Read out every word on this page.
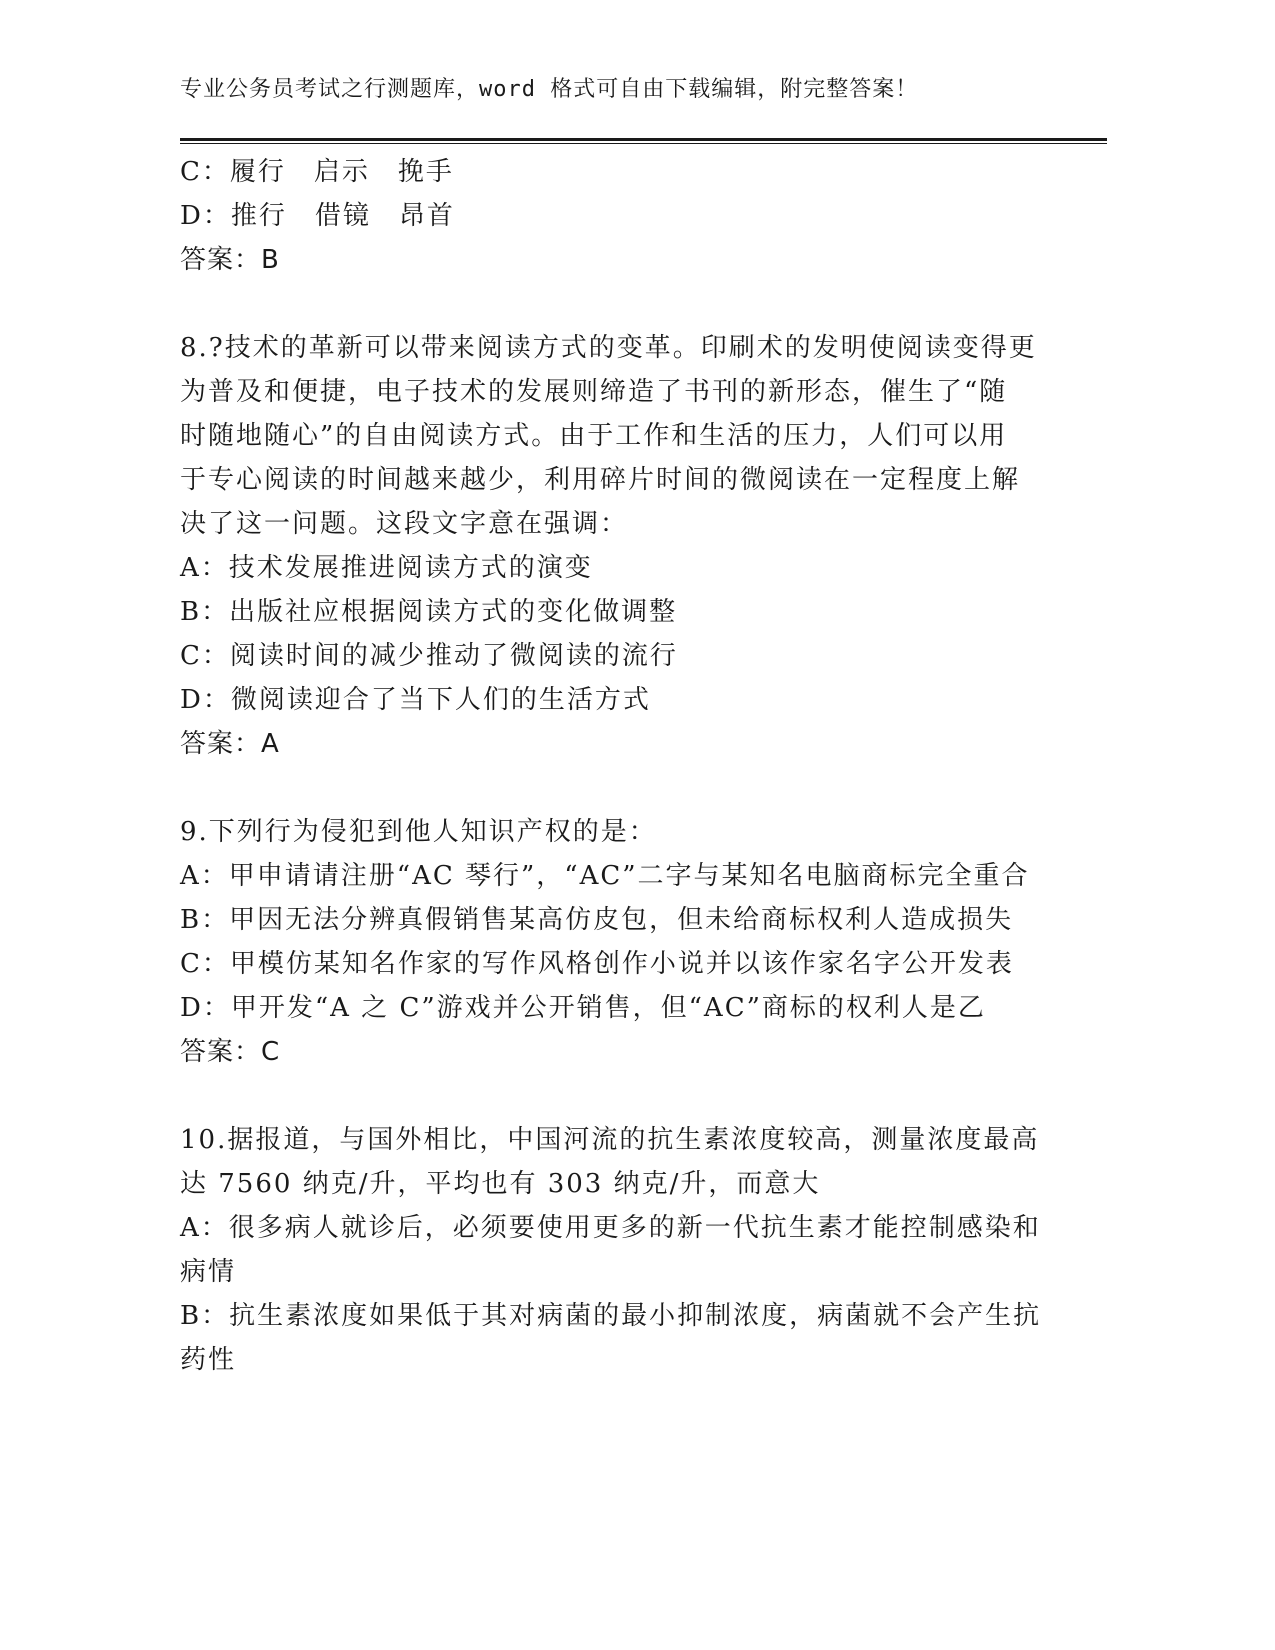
专业公务员考试之行测题库，word 格式可自由下载编辑，附完整答案！
C：履行　启示　挽手
D：推行　借镜　昂首
答案：B
8.?技术的革新可以带来阅读方式的变革。印刷术的发明使阅读变得更
为普及和便捷，电子技术的发展则缔造了书刊的新形态，催生了“随
时随地随心”的自由阅读方式。由于工作和生活的压力，人们可以用
于专心阅读的时间越来越少，利用碎片时间的微阅读在一定程度上解
决了这一问题。这段文字意在强调：
A：技术发展推进阅读方式的演变
B：出版社应根据阅读方式的变化做调整
C：阅读时间的减少推动了微阅读的流行
D：微阅读迎合了当下人们的生活方式
答案：A
9.下列行为侵犯到他人知识产权的是：
A：甲申请请注册“AC 琴行”，“AC”二字与某知名电脑商标完全重合
B：甲因无法分辨真假销售某高仿皮包，但未给商标权利人造成损失
C：甲模仿某知名作家的写作风格创作小说并以该作家名字公开发表
D：甲开发“A 之 C”游戏并公开销售，但“AC”商标的权利人是乙
答案：C
10.据报道，与国外相比，中国河流的抗生素浓度较高，测量浓度最高
达 7560 纳克/升，平均也有 303 纳克/升，而意大
A：很多病人就诊后，必须要使用更多的新一代抗生素才能控制感染和
病情
B：抗生素浓度如果低于其对病菌的最小抑制浓度，病菌就不会产生抗
药性
